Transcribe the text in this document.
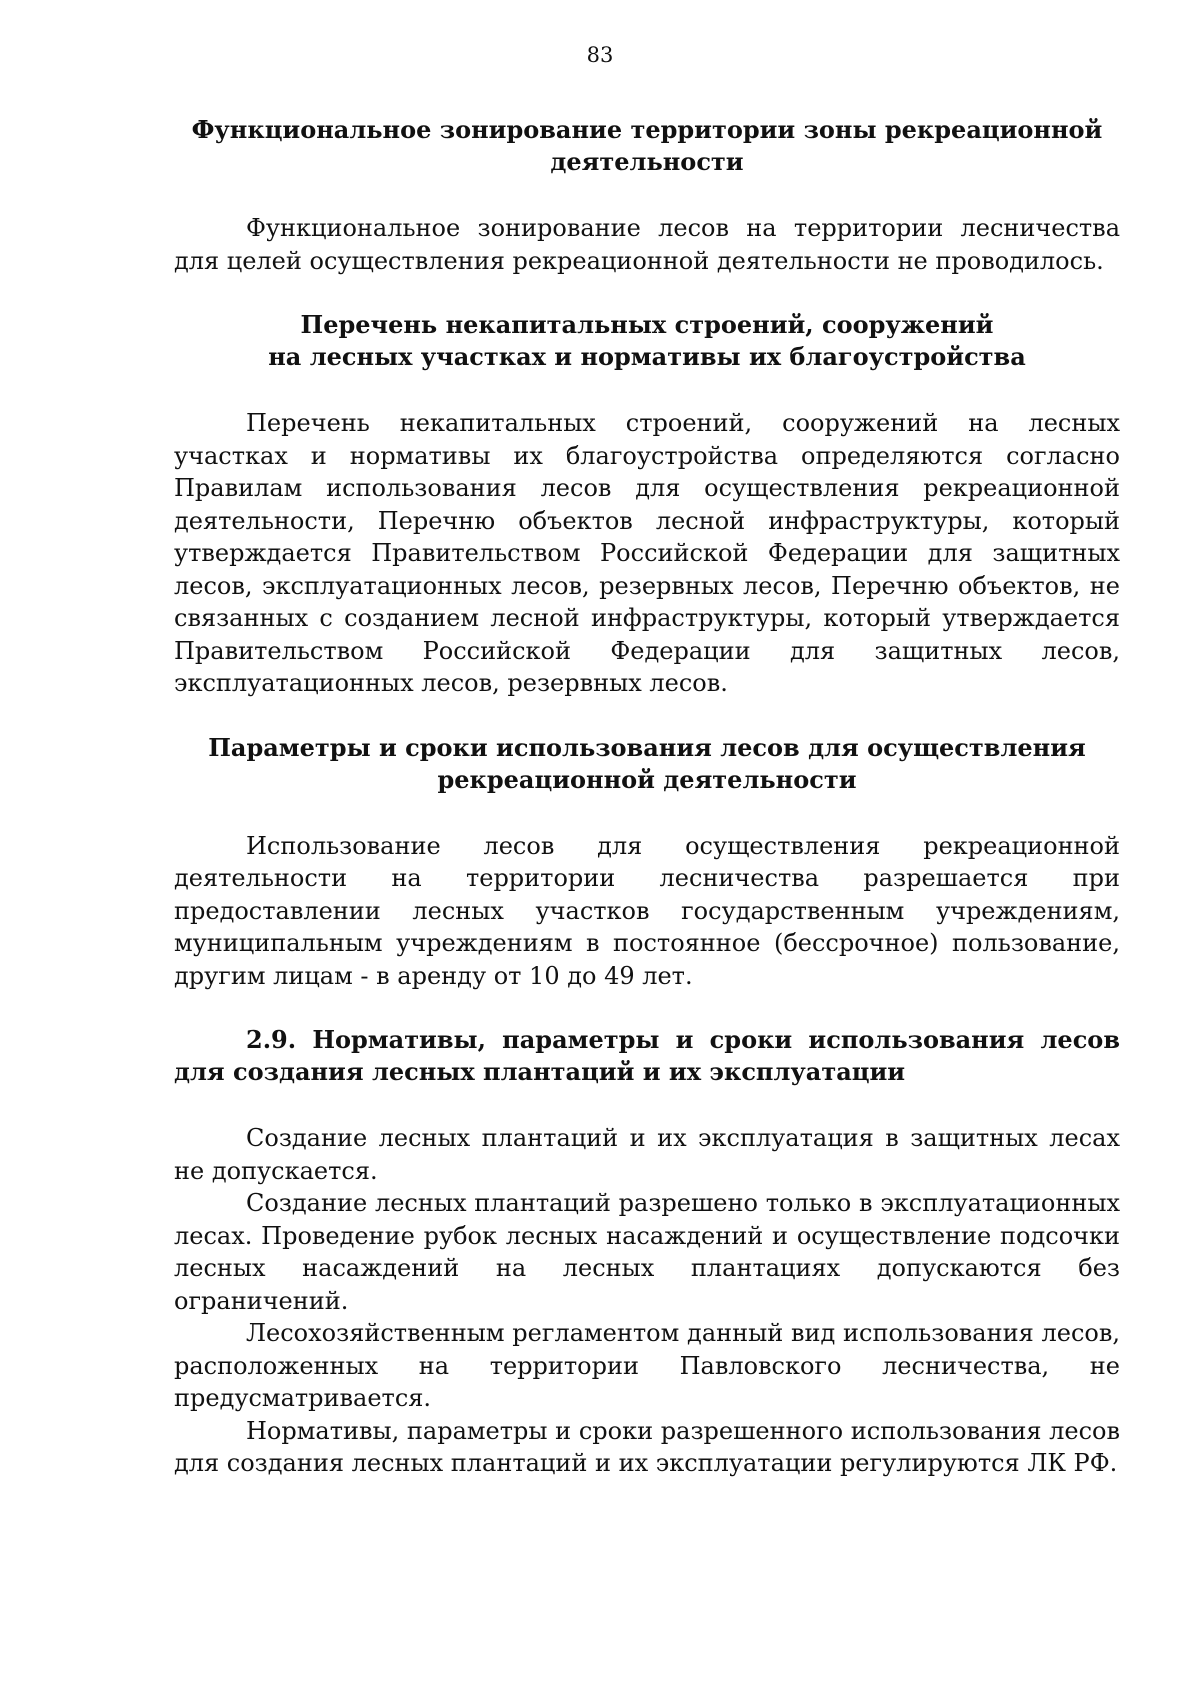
83
Функциональное зонирование территории зоны рекреационной
деятельности

Функциональное зонирование лесов на территории лесничества для целей осуществления рекреационной деятельности не проводилось.

Перечень некапитальных строений, сооружений
на лесных участках и нормативы их благоустройства

Перечень некапитальных строений, сооружений на лесных участках и нормативы их благоустройства определяются согласно Правилам использования лесов для осуществления рекреационной деятельности, Перечню объектов лесной инфраструктуры, который утверждается Правительством Российской Федерации для защитных лесов, эксплуатационных лесов, резервных лесов, Перечню объектов, не связанных с созданием лесной инфраструктуры, который утверждается Правительством Российской Федерации для защитных лесов, эксплуатационных лесов, резервных лесов.

Параметры и сроки использования лесов для осуществления
рекреационной деятельности

Использование лесов для осуществления рекреационной деятельности на территории лесничества разрешается при предоставлении лесных участков государственным учреждениям, муниципальным учреждениям в постоянное (бессрочное) пользование, другим лицам - в аренду от 10 до 49 лет.

2.9. Нормативы, параметры и сроки использования лесов для создания лесных плантаций и их эксплуатации

Создание лесных плантаций и их эксплуатация в защитных лесах не допускается.

Создание лесных плантаций разрешено только в эксплуатационных лесах. Проведение рубок лесных насаждений и осуществление подсочки лесных насаждений на лесных плантациях допускаются без ограничений.

Лесохозяйственным регламентом данный вид использования лесов, расположенных на территории Павловского лесничества, не предусматривается.

Нормативы, параметры и сроки разрешенного использования лесов для создания лесных плантаций и их эксплуатации регулируются ЛК РФ.
